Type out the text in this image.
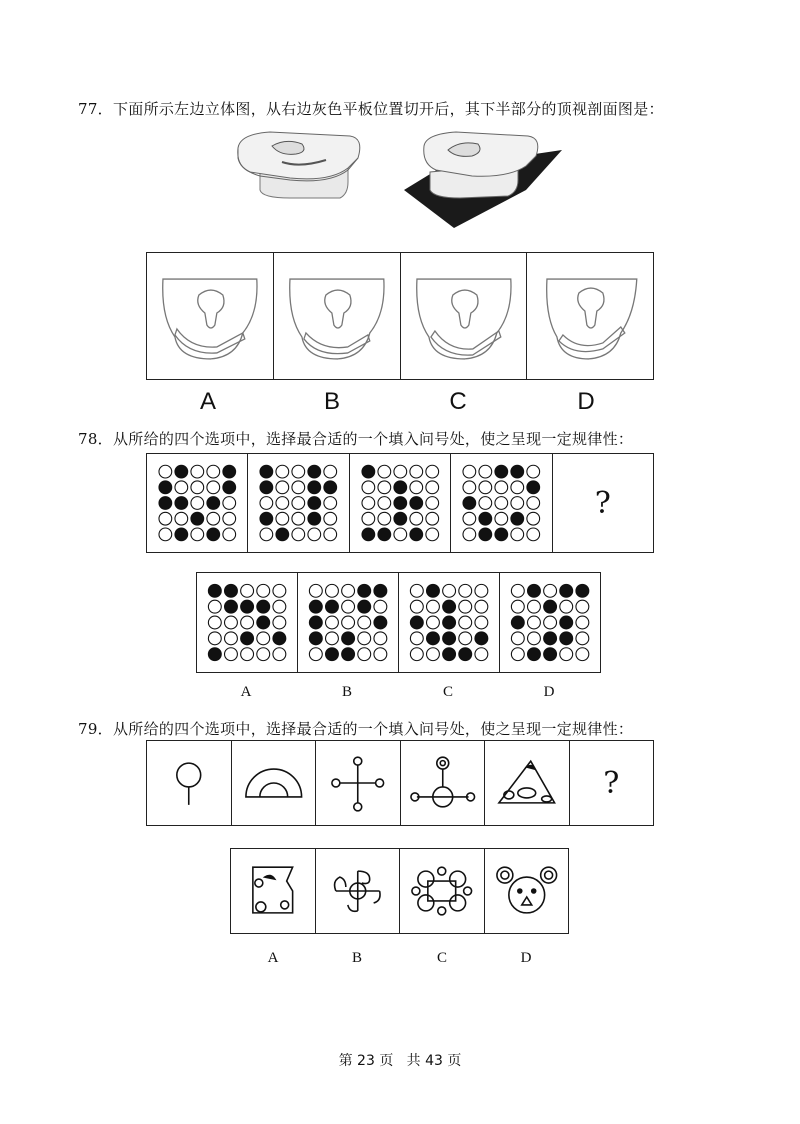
77．下面所示左边立体图，从右边灰色平板位置切开后，其下半部分的顶视剖面图是：
A	B	C	D
78．从所给的四个选项中，选择最合适的一个填入问号处，使之呈现一定规律性：
?
A	B	C	D
79．从所给的四个选项中，选择最合适的一个填入问号处，使之呈现一定规律性：
?
A	B	C	D
第 23 页   共 43 页
